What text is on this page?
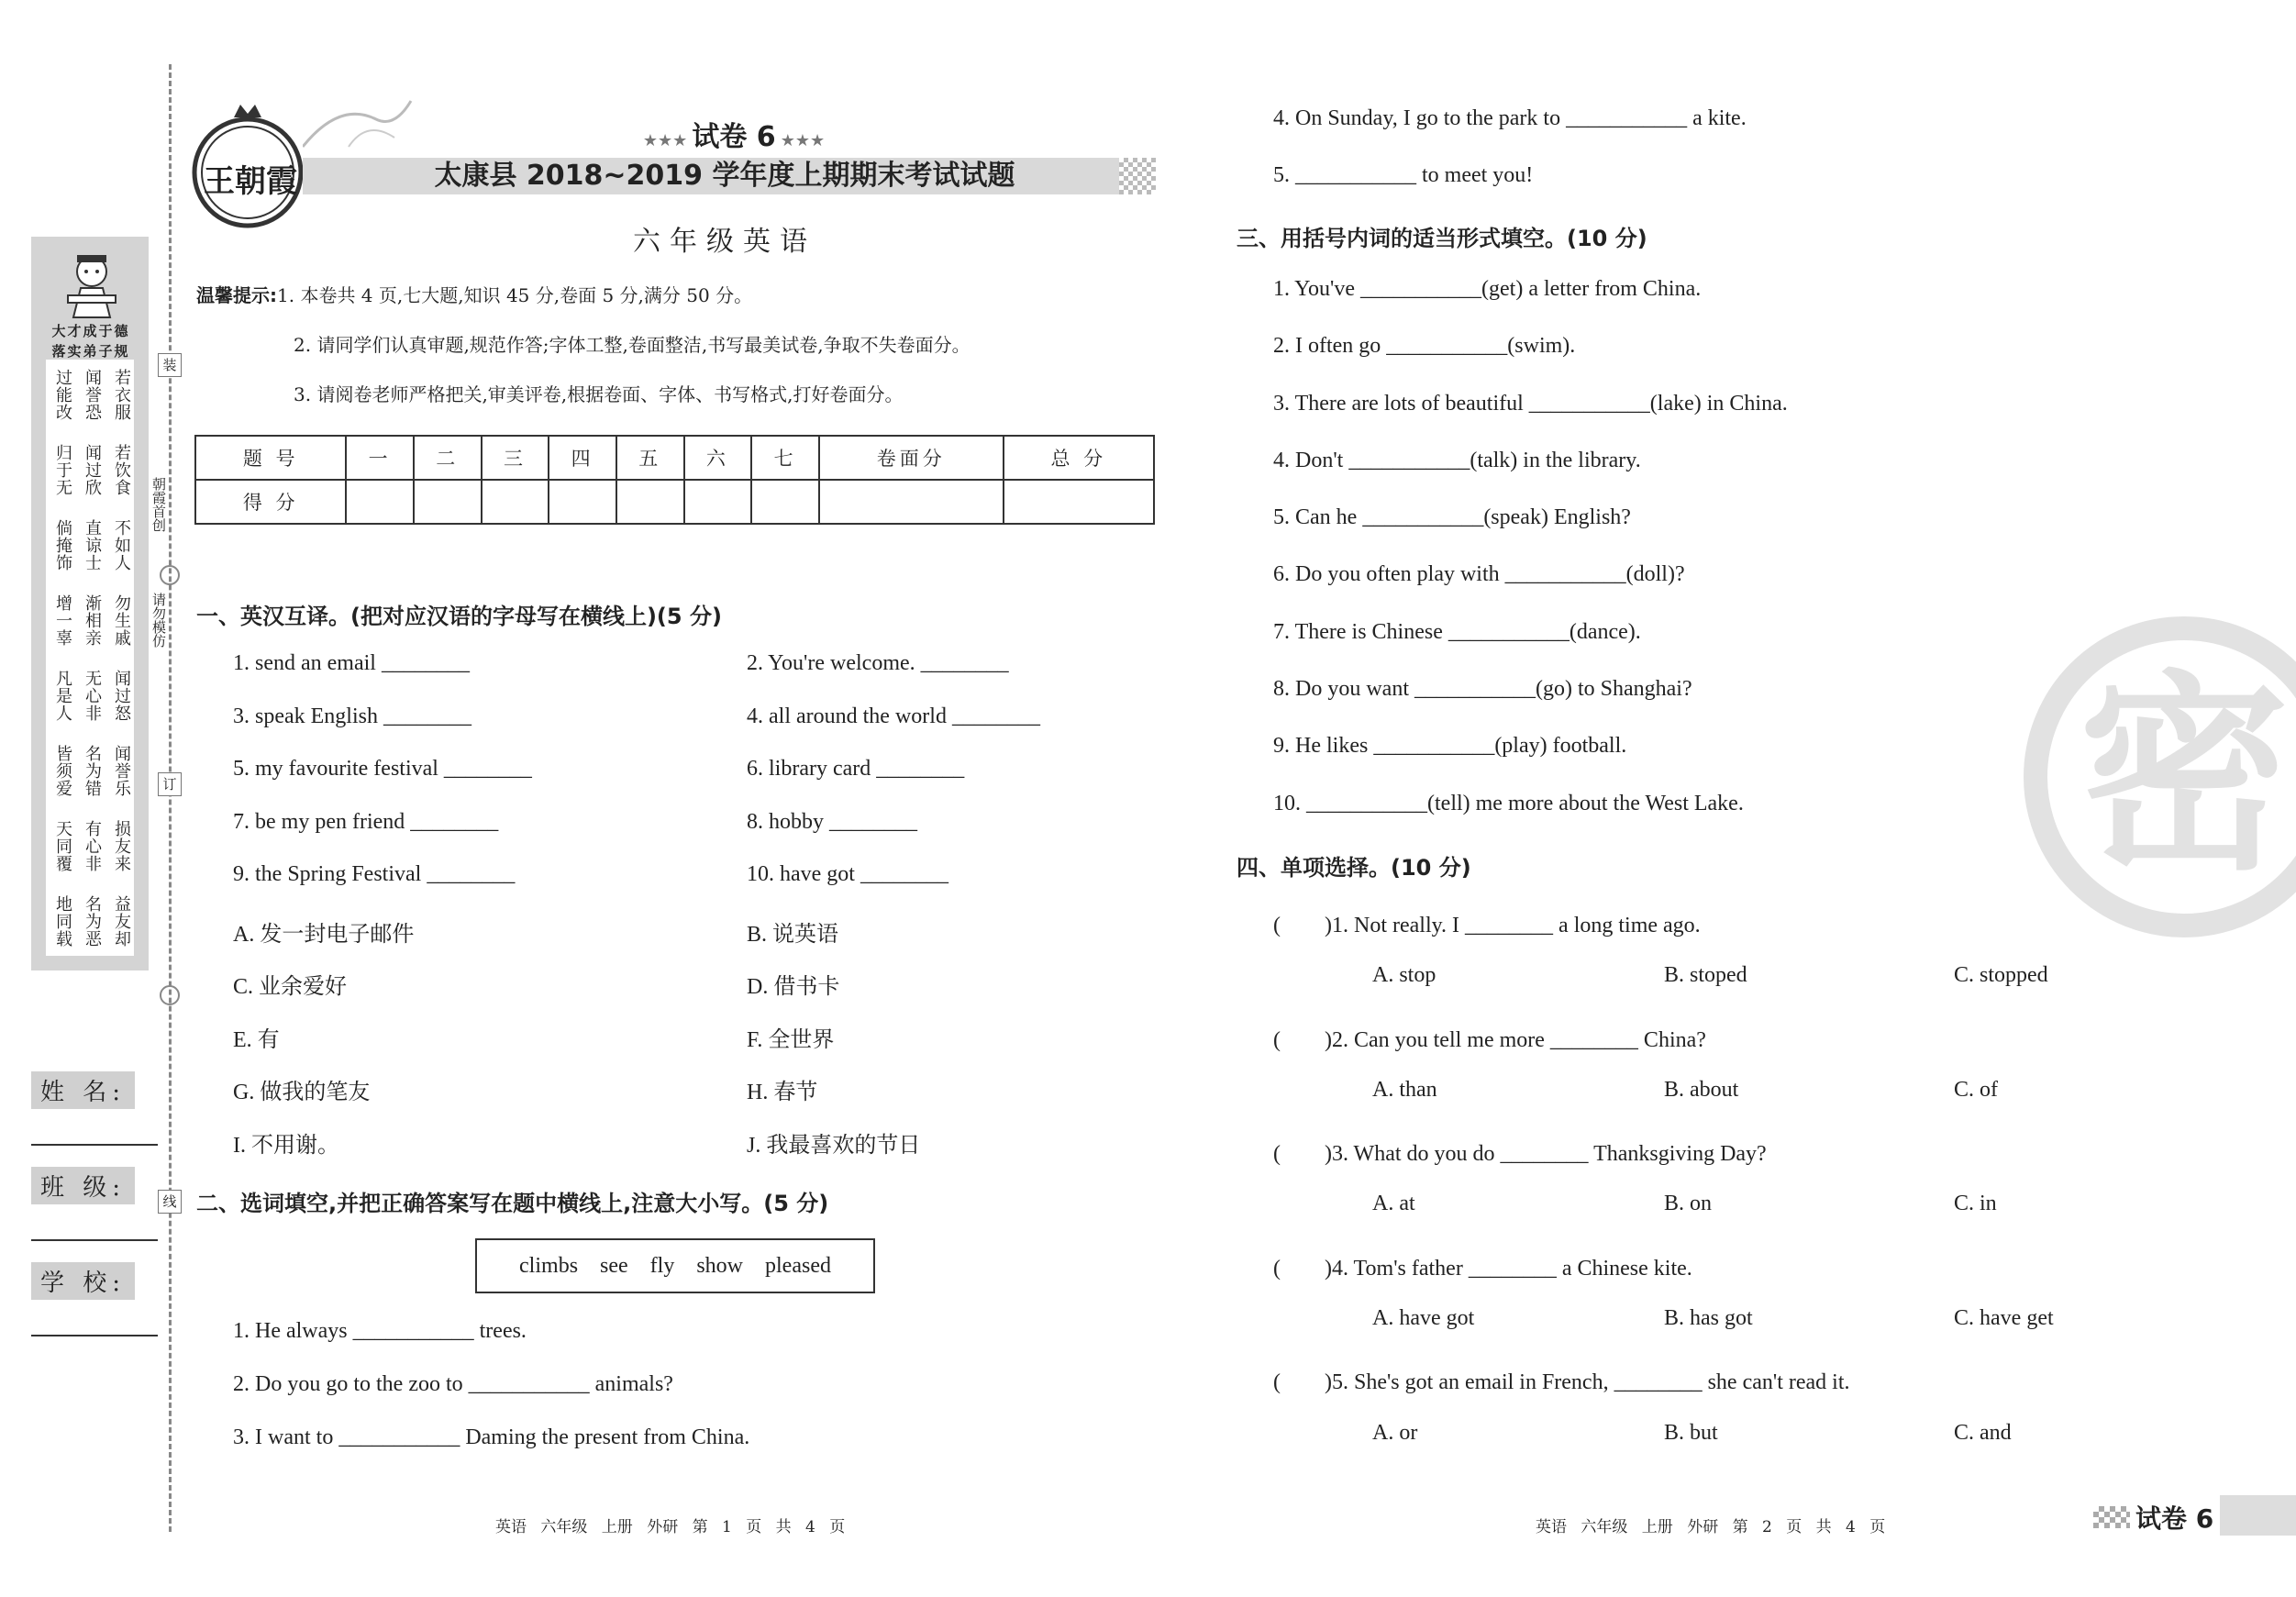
大才成于德
落实弟子规
若衣服
闻誉恐
过能改
若饮食
闻过欣
归于无
不如人
直谅士
倘掩饰
勿生戚
渐相亲
增一辜
闻过怒
无心非
凡是人
闻誉乐
名为错
皆须爱
损友来
有心非
天同覆
益友却
名为恶
地同载
装
订
线
朝霞首创
请勿模仿
姓 名:
班 级:
学 校:
王朝霞
★★★ 试卷 6 ★★★
太康县 2018~2019 学年度上期期末考试试题
六年级英语
温馨提示:1. 本卷共 4 页,七大题,知识 45 分,卷面 5 分,满分 50 分。
2. 请同学们认真审题,规范作答;字体工整,卷面整洁,书写最美试卷,争取不失卷面分。
3. 请阅卷老师严格把关,审美评卷,根据卷面、字体、书写格式,打好卷面分。
题 号	一	二	三	四	五	六	七	卷面分	总 分
得 分									
一、英汉互译。(把对应汉语的字母写在横线上)(5 分)
1. send an email ________
3. speak English ________
5. my favourite festival ________
7. be my pen friend ________
9. the Spring Festival ________
A. 发一封电子邮件
C. 业余爱好
E. 有
G. 做我的笔友
I. 不用谢。
2. You're welcome. ________
4. all around the world ________
6. library card ________
8. hobby ________
10. have got ________
B. 说英语
D. 借书卡
F. 全世界
H. 春节
J. 我最喜欢的节日
二、选词填空,并把正确答案写在题中横线上,注意大小写。(5 分)
climbs see fly show pleased
1. He always ___________ trees.
2. Do you go to the zoo to ___________ animals?
3. I want to ___________ Daming the present from China.
4. On Sunday, I go to the park to ___________ a kite.
5. ___________ to meet you!
三、用括号内词的适当形式填空。(10 分)
1. You've ___________(get) a letter from China.
2. I often go ___________(swim).
3. There are lots of beautiful ___________(lake) in China.
4. Don't ___________(talk) in the library.
5. Can he ___________(speak) English?
6. Do you often play with ___________(doll)?
7. There is Chinese ___________(dance).
8. Do you want ___________(go) to Shanghai?
9. He likes ___________(play) football.
10. ___________(tell) me more about the West Lake.
四、单项选择。(10 分)
(　　)1. Not really. I ________ a long time ago.
A. stop	B. stoped	C. stopped
(　　)2. Can you tell me more ________ China?
A. than	B. about	C. of
(　　)3. What do you do ________ Thanksgiving Day?
A. at	B. on	C. in
(　　)4. Tom's father ________ a Chinese kite.
A. have got	B. has got	C. have get
(　　)5. She's got an email in French, ________ she can't read it.
A. or	B. but	C. and
密
英语 六年级 上册 外研 第 1 页 共 4 页	英语 六年级 上册 外研 第 2 页 共 4 页	试卷 6
